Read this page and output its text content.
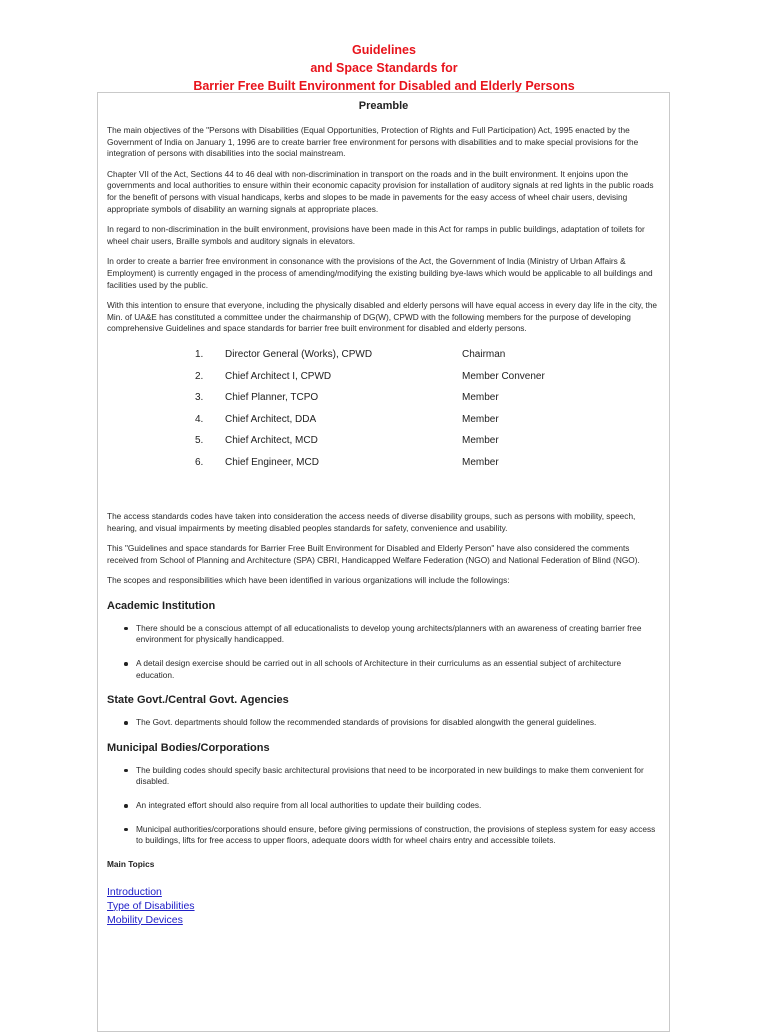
Guidelines
and Space Standards for
Barrier Free Built Environment for Disabled and Elderly Persons
Preamble

The main objectives of the "Persons with Disabilities (Equal Opportunities, Protection of Rights and Full Participation) Act, 1995 enacted by the Government of India on January 1, 1996 are to create barrier free environment for persons with disabilities and to make special provisions for the integration of persons with disabilities into the social mainstream.

Chapter VII of the Act, Sections 44 to 46 deal with non-discrimination in transport on the roads and in the built environment. It enjoins upon the governments and local authorities to ensure within their economic capacity provision for installation of auditory signals at red lights in the public roads for the benefit of persons with visual handicaps, kerbs and slopes to be made in pavements for the easy access of wheel chair users, devising appropriate symbols of disability an warning signals at appropriate places.

In regard to non-discrimination in the built environment, provisions have been made in this Act for ramps in public buildings, adaptation of toilets for wheel chair users, Braille symbols and auditory signals in elevators.

In order to create a barrier free environment in consonance with the provisions of the Act, the Government of India (Ministry of Urban Affairs & Employment) is currently engaged in the process of amending/modifying the existing building bye-laws which would be applicable to all buildings and facilities used by the public.

With this intention to ensure that everyone, including the physically disabled and elderly persons will have equal access in every day life in the city, the Min. of UA&E has constituted a committee under the chairmanship of DG(W), CPWD with the following members for the purpose of developing comprehensive Guidelines and space standards for barrier free built environment for disabled and elderly persons.

1.	Director General (Works), CPWD	Chairman
2.	Chief Architect I, CPWD	Member Convener
3.	Chief Planner, TCPO	Member
4.	Chief Architect, DDA	Member
5.	Chief Architect, MCD	Member
6.	Chief Engineer, MCD	Member

The access standards codes have taken into consideration the access needs of diverse disability groups, such as persons with mobility, speech, hearing, and visual impairments by meeting disabled peoples standards for safety, convenience and usability.

This "Guidelines and space standards for Barrier Free Built Environment for Disabled and Elderly Person" have also considered the comments received from School of Planning and Architecture (SPA) CBRI, Handicapped Welfare Federation (NGO) and National Federation of Blind (NGO).

The scopes and responsibilities which have been identified in various organizations will include the followings:

Academic Institution
There should be a conscious attempt of all educationalists to develop young architects/planners with an awareness of creating barrier free environment for physically handicapped.
A detail design exercise should be carried out in all schools of Architecture in their curriculums as an essential subject of architecture education.
State Govt./Central Govt. Agencies
The Govt. departments should follow the recommended standards of provisions for disabled alongwith the general guidelines.
Municipal Bodies/Corporations
The building codes should specify basic architectural provisions that need to be incorporated in new buildings to make them convenient for disabled.
An integrated effort should also require from all local authorities to update their building codes.
Municipal authorities/corporations should ensure, before giving permissions of construction, the provisions of stepless system for easy access to buildings, lifts for free access to upper floors, adequate doors width for wheel chairs entry and accessible toilets.
Main Topics
Introduction
Type of Disabilities
Mobility Devices
